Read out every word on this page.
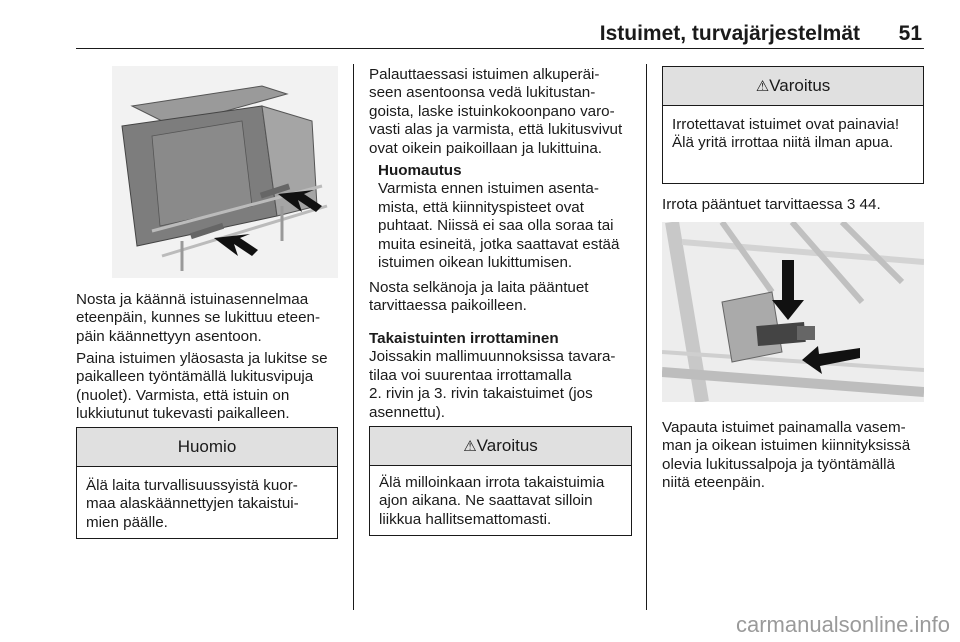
Istuimet, turvajärjestelmät	51

Nosta ja käännä istuinasennelmaa

eteenpäin, kunnes se lukittuu eteen-

päin käännettyyn asentoon.

Paina istuimen yläosasta ja lukitse se

paikalleen työntämällä lukitusvipuja

(nuolet). Varmista, että istuin on

lukkiutunut tukevasti paikalleen.

Huomio
Älä laita turvallisuussyistä kuor-
maa alaskäännettyjen takaistui-
mien päälle.

Palauttaessasi istuimen alkuperäi-

seen asentoonsa vedä lukitustan-

goista, laske istuinkokoonpano varo-

vasti alas ja varmista, että lukitusvivut

ovat oikein paikoillaan ja lukittuina.

Huomautus

Varmista ennen istuimen asenta-

mista, että kiinnityspisteet ovat

puhtaat. Niissä ei saa olla soraa tai

muita esineitä, jotka saattavat estää

istuimen oikean lukittumisen.

Nosta selkänoja ja laita pääntuet

tarvittaessa paikoilleen.

Takaistuinten irrottaminen

Joissakin mallimuunnoksissa tavara-

tilaa voi suurentaa irrottamalla

2. rivin ja 3. rivin takaistuimet (jos

asennettu).

⚠Varoitus
Älä milloinkaan irrota takaistuimia
ajon aikana. Ne saattavat silloin
liikkua hallitsemattomasti.
⚠Varoitus
Irrotettavat istuimet ovat painavia!
Älä yritä irrottaa niitä ilman apua.

Irrota pääntuet tarvittaessa 3 44.

Vapauta istuimet painamalla vasem-

man ja oikean istuimen kiinnityksissä

olevia lukitussalpoja ja työntämällä

niitä eteenpäin.

carmanualsonline.info
